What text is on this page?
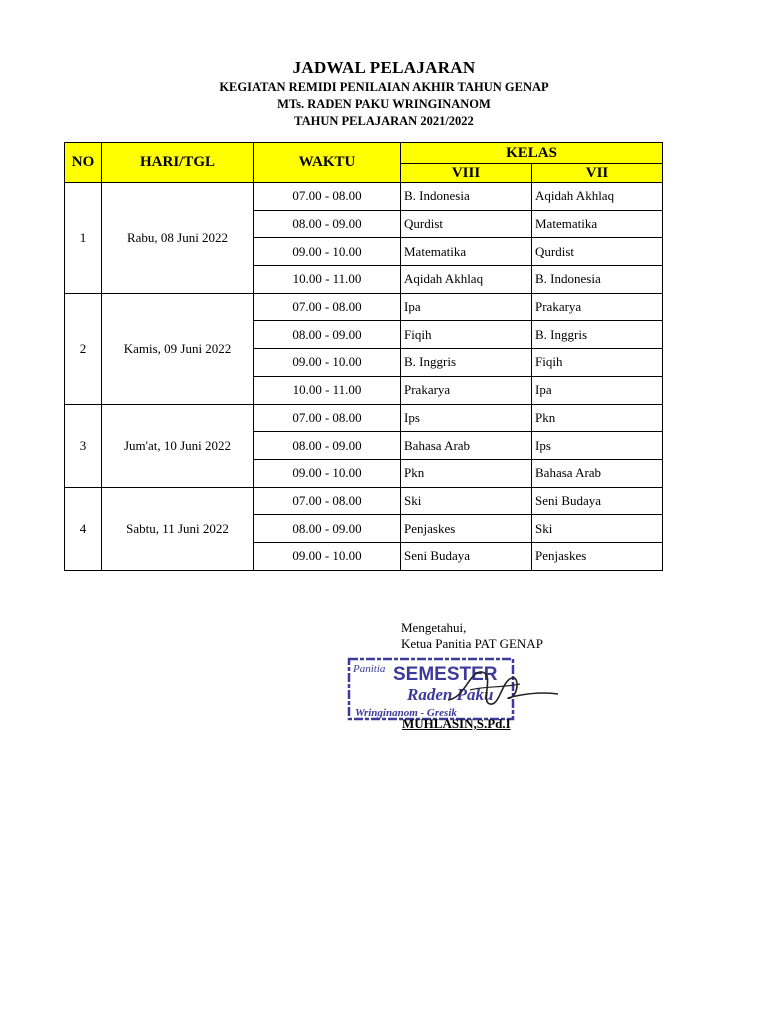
JADWAL PELAJARAN
KEGIATAN REMIDI PENILAIAN AKHIR TAHUN GENAP
MTs. RADEN PAKU WRINGINANOM
TAHUN PELAJARAN 2021/2022
NO	HARI/TGL	WAKTU	KELAS	
			VIII	VII
1	Rabu, 08 Juni 2022	07.00 - 08.00	B. Indonesia	Aqidah Akhlaq
		08.00 - 09.00	Qurdist	Matematika
		09.00 - 10.00	Matematika	Qurdist
		10.00 - 11.00	Aqidah Akhlaq	B. Indonesia
2	Kamis, 09 Juni 2022	07.00 - 08.00	Ipa	Prakarya
		08.00 - 09.00	Fiqih	B. Inggris
		09.00 - 10.00	B. Inggris	Fiqih
		10.00 - 11.00	Prakarya	Ipa
3	Jum'at, 10 Juni 2022	07.00 - 08.00	Ips	Pkn
		08.00 - 09.00	Bahasa Arab	Ips
		09.00 - 10.00	Pkn	Bahasa Arab
4	Sabtu, 11 Juni 2022	07.00 - 08.00	Ski	Seni Budaya
		08.00 - 09.00	Penjaskes	Ski
		09.00 - 10.00	Seni Budaya	Penjaskes
Mengetahui,
Ketua Panitia PAT GENAP
Panitia SEMESTER
Raden Paku
Wringinanom - Gresik
MUHLASIN,S.Pd.I
